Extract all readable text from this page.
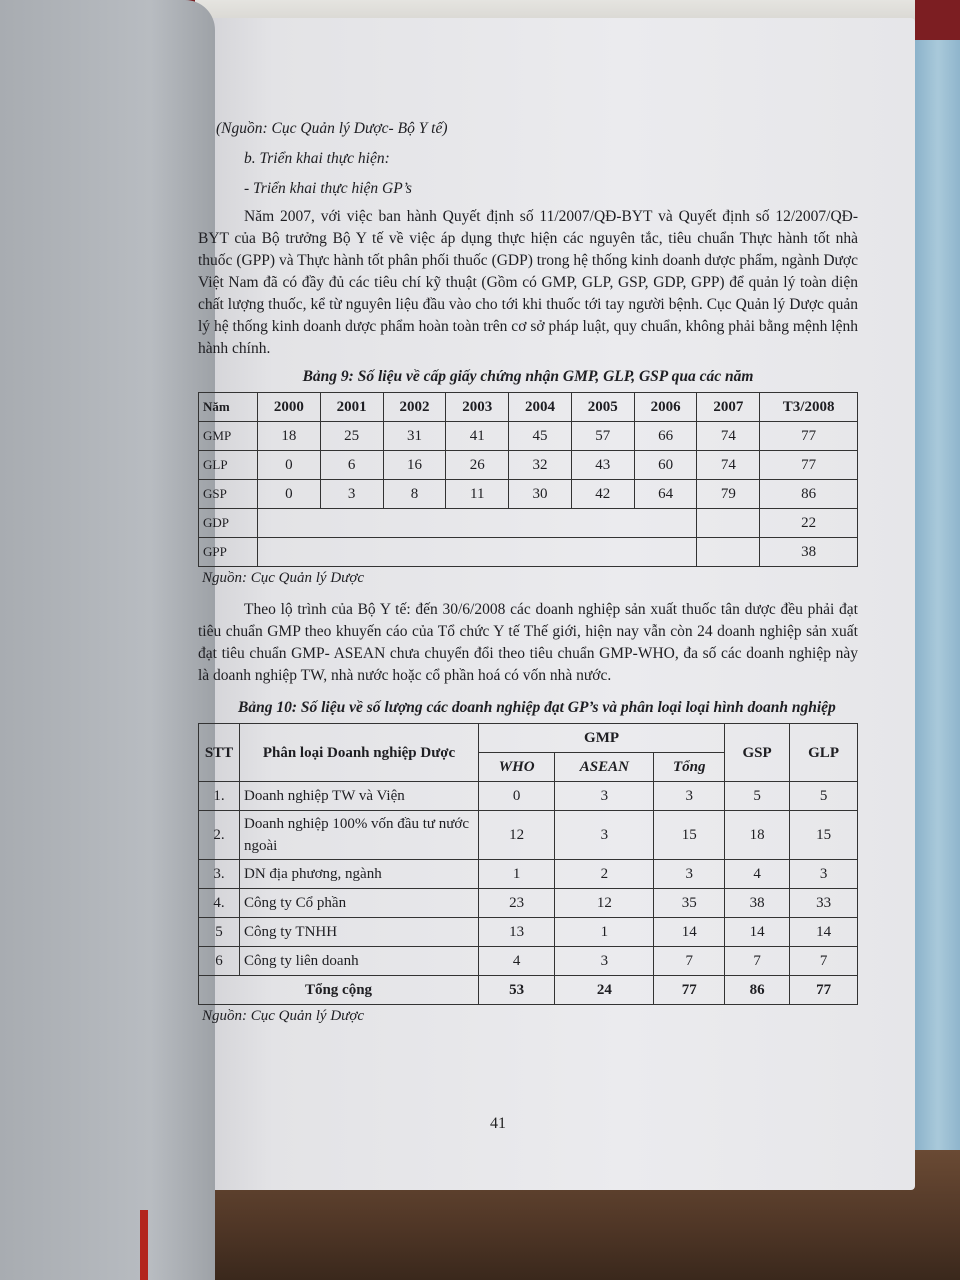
(Nguồn: Cục Quản lý Dược- Bộ Y tế)
b. Triển khai thực hiện:
- Triển khai thực hiện GP’s

Năm 2007, với việc ban hành Quyết định số 11/2007/QĐ-BYT và Quyết định số 12/2007/QĐ-BYT của Bộ trưởng Bộ Y tế về việc áp dụng thực hiện các nguyên tắc, tiêu chuẩn Thực hành tốt nhà thuốc (GPP) và Thực hành tốt phân phối thuốc (GDP) trong hệ thống kinh doanh dược phẩm, ngành Dược Việt Nam đã có đầy đủ các tiêu chí kỹ thuật (Gồm có GMP, GLP, GSP, GDP, GPP) để quản lý toàn diện chất lượng thuốc, kể từ nguyên liệu đầu vào cho tới khi thuốc tới tay người bệnh. Cục Quản lý Dược quản lý hệ thống kinh doanh dược phẩm hoàn toàn trên cơ sở pháp luật, quy chuẩn, không phải bằng mệnh lệnh hành chính.

Bảng 9: Số liệu về cấp giấy chứng nhận GMP, GLP, GSP qua các năm
Năm	2000	2001	2002	2003	2004	2005	2006	2007	T3/2008
GMP	18	25	31	41	45	57	66	74	77
GLP	0	6	16	26	32	43	60	74	77
GSP	0	3	8	11	30	42	64	79	86
GDP									22
GPP									38
Nguồn: Cục Quản lý Dược

Theo lộ trình của Bộ Y tế: đến 30/6/2008 các doanh nghiệp sản xuất thuốc tân dược đều phải đạt tiêu chuẩn GMP theo khuyến cáo của Tổ chức Y tế Thế giới, hiện nay vẫn còn 24 doanh nghiệp sản xuất đạt tiêu chuẩn GMP- ASEAN chưa chuyển đổi theo tiêu chuẩn GMP-WHO, đa số các doanh nghiệp này là doanh nghiệp TW, nhà nước hoặc cổ phần hoá có vốn nhà nước.

Bảng 10: Số liệu về số lượng các doanh nghiệp đạt GP’s và phân loại loại hình doanh nghiệp
STT	Phân loại Doanh nghiệp Dược	GMP			GSP	GLP
		WHO	ASEAN	Tổng		
1.	Doanh nghiệp TW và Viện	0	3	3	5	5
2.	Doanh nghiệp 100% vốn đầu tư nước ngoài	12	3	15	18	15
3.	DN địa phương, ngành	1	2	3	4	3
4.	Công ty Cổ phần	23	12	35	38	33
5	Công ty TNHH	13	1	14	14	14
6	Công ty liên doanh	4	3	7	7	7
Tổng cộng		53	24	77	86	77
Nguồn: Cục Quản lý Dược
41
